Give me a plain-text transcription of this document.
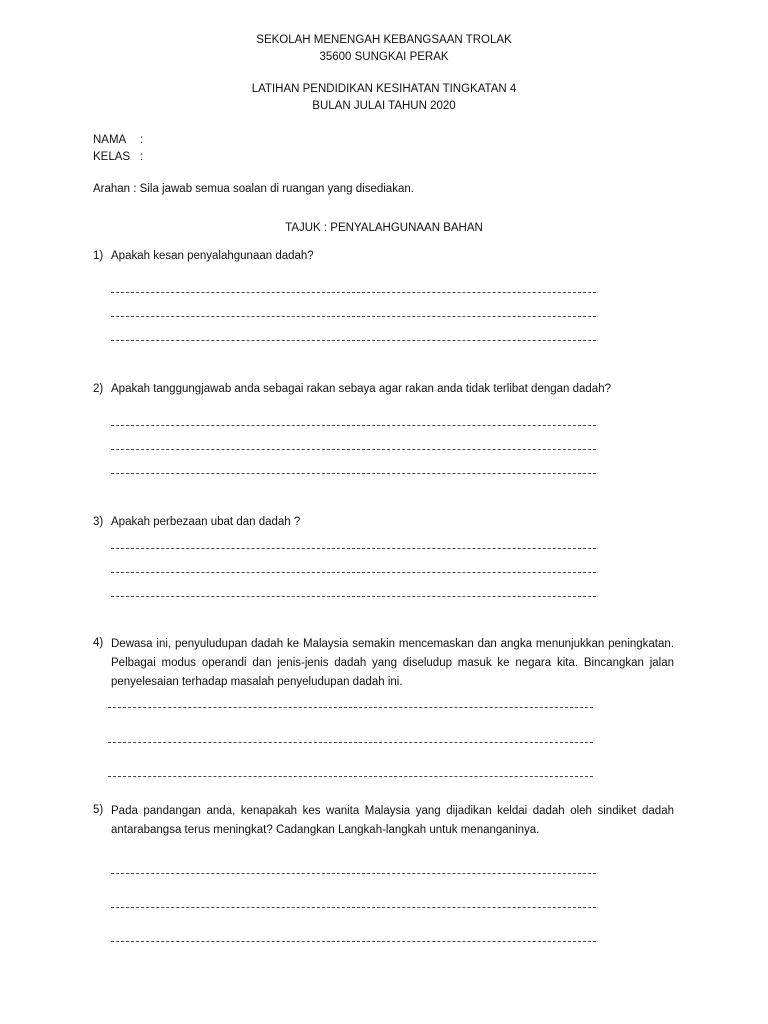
SEKOLAH MENENGAH KEBANGSAAN TROLAK
35600 SUNGKAI PERAK
LATIHAN PENDIDIKAN KESIHATAN TINGKATAN 4
BULAN JULAI TAHUN 2020
NAMA :
KELAS :
Arahan : Sila jawab semua soalan di ruangan yang disediakan.
TAJUK : PENYALAHGUNAAN BAHAN
1) Apakah kesan penyalahgunaan dadah?
2) Apakah tanggungjawab anda sebagai rakan sebaya agar rakan anda tidak terlibat dengan dadah?
3) Apakah perbezaan ubat dan dadah ?
4) Dewasa ini, penyuludupan dadah ke Malaysia semakin mencemaskan dan angka menunjukkan peningkatan. Pelbagai modus operandi dan jenis-jenis dadah yang diseludup masuk ke negara kita. Bincangkan jalan penyelesaian terhadap masalah penyeludupan dadah ini.
5) Pada pandangan anda, kenapakah kes wanita Malaysia yang dijadikan keldai dadah oleh sindiket dadah antarabangsa terus meningkat? Cadangkan Langkah-langkah untuk menanganinya.
